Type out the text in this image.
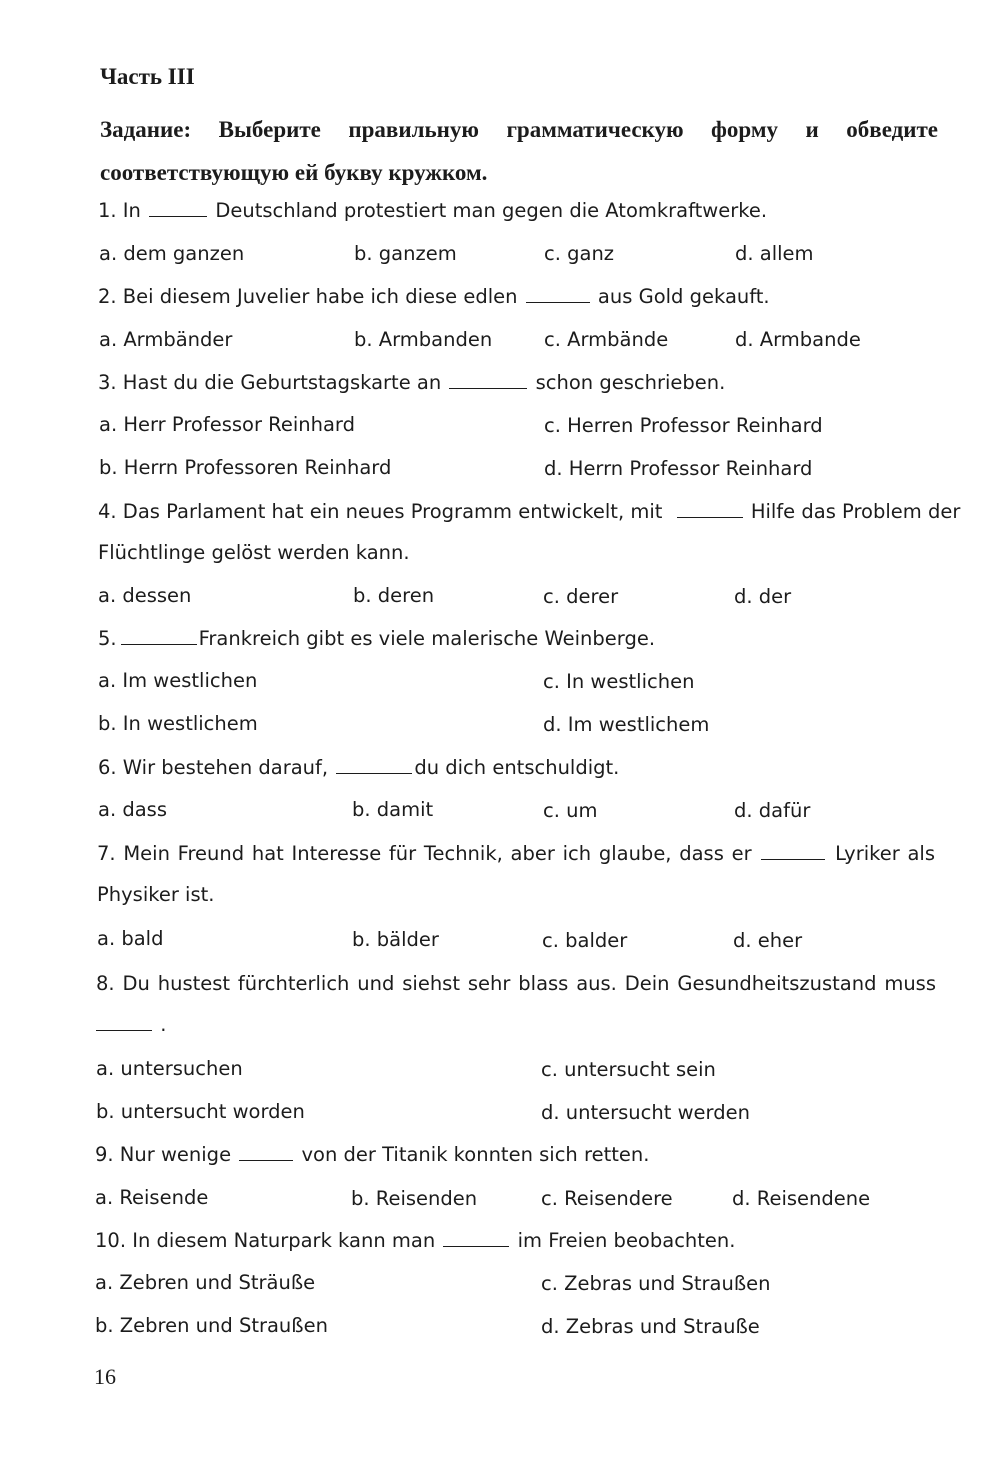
Часть III
Задание: Выберите правильную грамматическую форму и обведите соответствующую ей букву кружком.
1. In	Deutschland protestiert man gegen die Atomkraftwerke.
a. dem ganzen	b. ganzem	c. ganz	d. allem
2. Bei diesem Juvelier habe ich diese edlen	aus Gold gekauft.
a. Armbänder	b. Armbanden	c. Armbände	d. Armbande
3. Hast du die Geburtstagskarte an	schon geschrieben.
a. Herr Professor Reinhard	c. Herren Professor Reinhard
b. Herrn Professoren Reinhard	d. Herrn Professor Reinhard
4. Das Parlament hat ein neues Programm entwickelt, mit	Hilfe das Problem der
Flüchtlinge gelöst werden kann.
a. dessen	b. deren	c. derer	d. der
5.	Frankreich gibt es viele malerische Weinberge.
a. Im westlichen	c. In westlichen
b. In westlichem	d. Im westlichem
6. Wir bestehen darauf,	du dich entschuldigt.
a. dass	b. damit	c. um	d. dafür
7. Mein Freund hat Interesse für Technik, aber ich glaube, dass er	Lyriker als
Physiker ist.
a. bald	b. bälder	c. balder	d. eher
8. Du hustest fürchterlich und siehst sehr blass aus. Dein Gesundheitszustand muss
.
a. untersuchen	c. untersucht sein
b. untersucht worden	d. untersucht werden
9. Nur wenige	von der Titanik konnten sich retten.
a. Reisende	b. Reisenden	c. Reisendere	d. Reisendene
10. In diesem Naturpark kann man	im Freien beobachten.
a. Zebren und Sträuße	c. Zebras und Straußen
b. Zebren und Straußen	d. Zebras und Strauße
16
